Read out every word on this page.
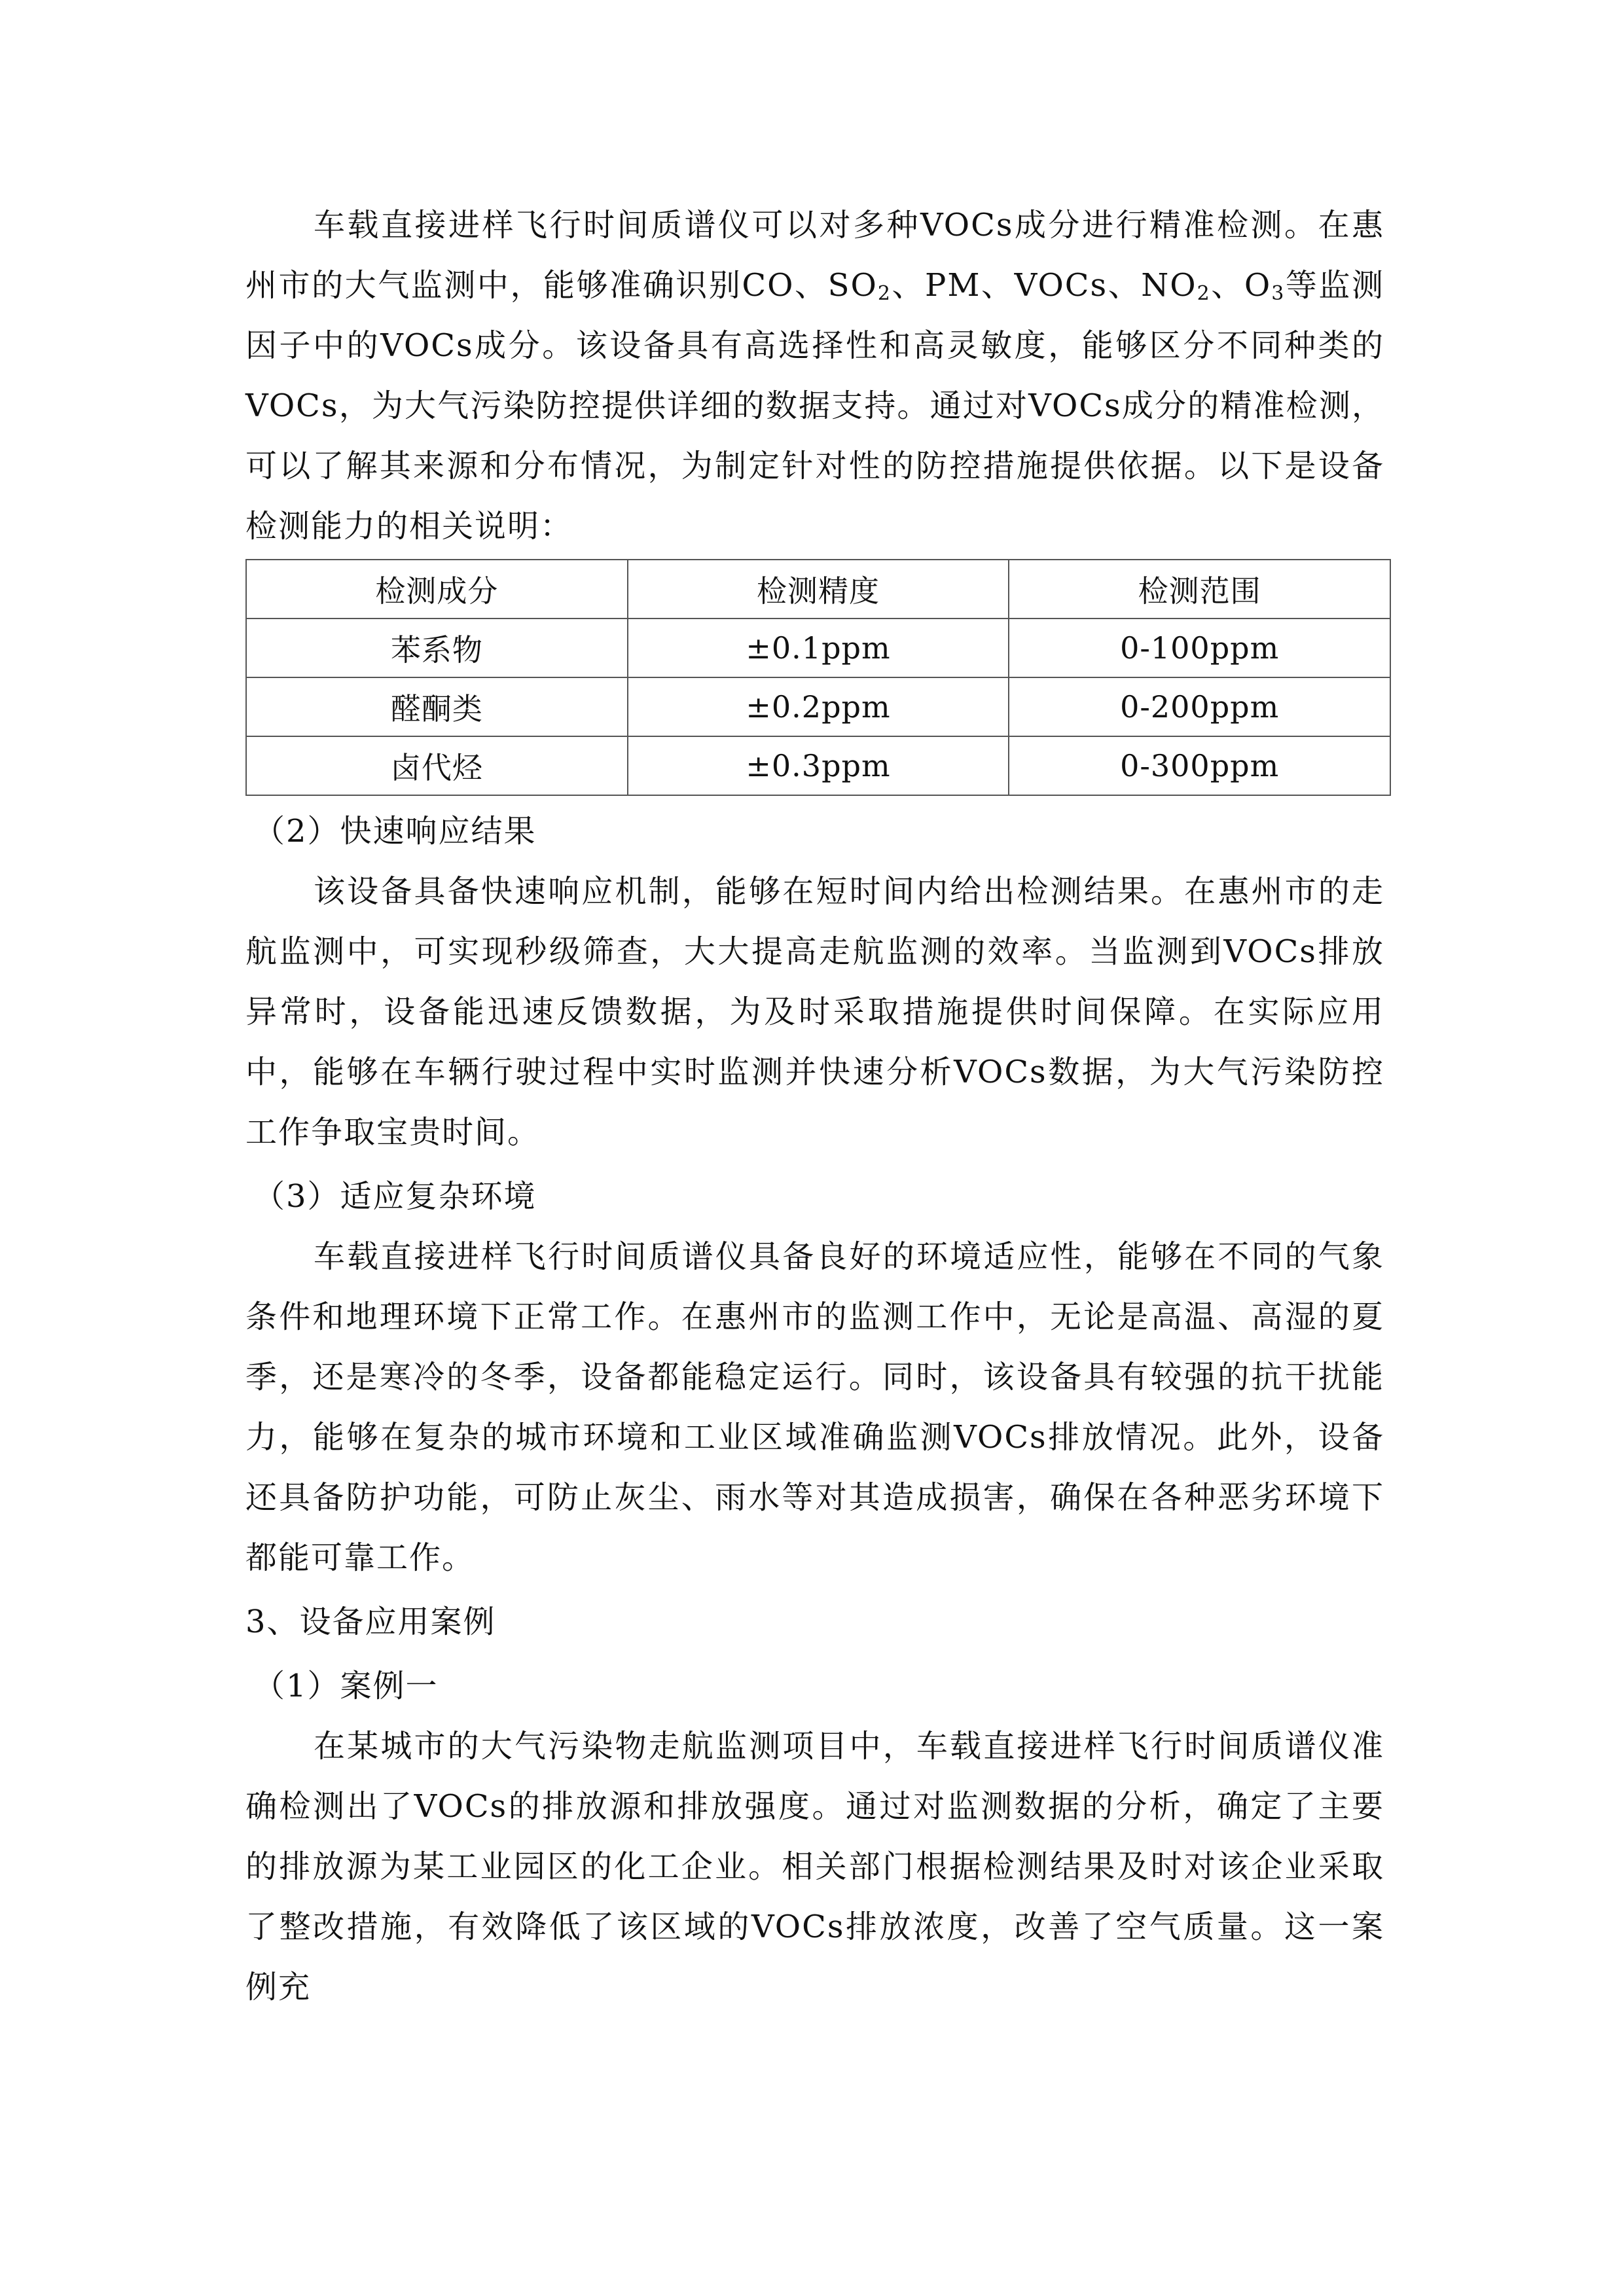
车载直接进样飞行时间质谱仪可以对多种VOCs成分进行精准检测。在惠州市的大气监测中，能够准确识别CO、$SO_2$、PM、VOCs、$NO_2$、$O_3$等监测因子中的VOCs成分。该设备具有高选择性和高灵敏度，能够区分不同种类的VOCs，为大气污染防控提供详细的数据支持。通过对VOCs成分的精准检测，可以了解其来源和分布情况，为制定针对性的防控措施提供依据。以下是设备检测能力的相关说明：

检测成分	检测精度	检测范围
苯系物	±0.1ppm	0-100ppm
醛酮类	±0.2ppm	0-200ppm
卤代烃	±0.3ppm	0-300ppm
（2）快速响应结果

该设备具备快速响应机制，能够在短时间内给出检测结果。在惠州市的走航监测中，可实现秒级筛查，大大提高走航监测的效率。当监测到VOCs排放异常时，设备能迅速反馈数据，为及时采取措施提供时间保障。在实际应用中，能够在车辆行驶过程中实时监测并快速分析VOCs数据，为大气污染防控工作争取宝贵时间。

（3）适应复杂环境

车载直接进样飞行时间质谱仪具备良好的环境适应性，能够在不同的气象条件和地理环境下正常工作。在惠州市的监测工作中，无论是高温、高湿的夏季，还是寒冷的冬季，设备都能稳定运行。同时，该设备具有较强的抗干扰能力，能够在复杂的城市环境和工业区域准确监测VOCs排放情况。此外，设备还具备防护功能，可防止灰尘、雨水等对其造成损害，确保在各种恶劣环境下都能可靠工作。

3、设备应用案例
（1）案例一

在某城市的大气污染物走航监测项目中，车载直接进样飞行时间质谱仪准确检测出了VOCs的排放源和排放强度。通过对监测数据的分析，确定了主要的排放源为某工业园区的化工企业。相关部门根据检测结果及时对该企业采取了整改措施，有效降低了该区域的VOCs排放浓度，改善了空气质量。这一案例充
